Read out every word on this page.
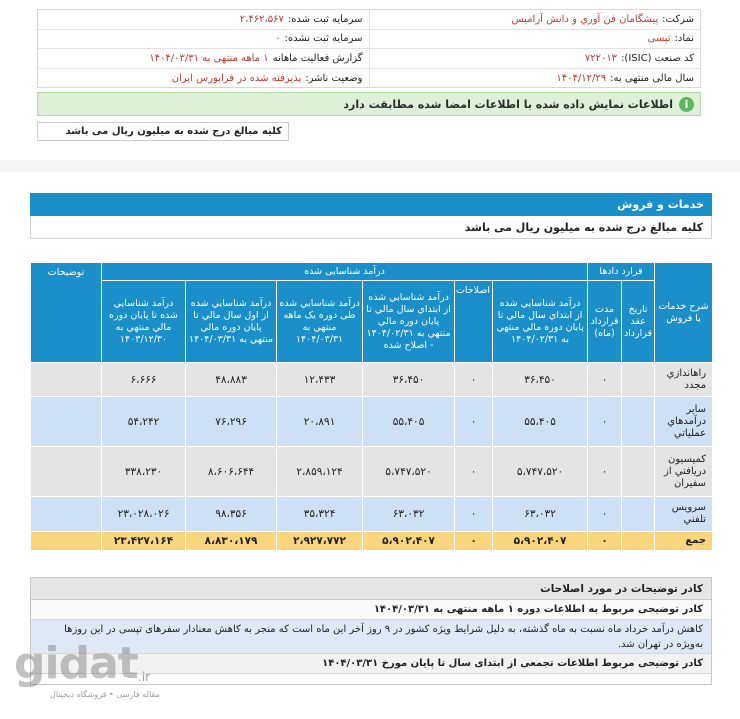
شرکت:
پیشگامان فن آوري و دانش آرامیس
سرمایه ثبت شده:
۲،۴۶۲،۵۶۷
نماد:
تپسی
سرمایه ثبت نشده:
۰
کد صنعت (ISIC):
۷۲۲۰۱۳
گزارش فعالیت ماهانه
۱ ماهه منتهی به ۱۴۰۴/۰۳/۳۱
سال مالی منتهی به:
۱۴۰۴/۱۲/۲۹
وضعیت ناشر:
پذیرفته شده در فرابورس ایران
i
اطلاعات نمایش داده شده با اطلاعات امضا شده مطابقت دارد
کلیه مبالغ درج شده به میلیون ریال می باشد
خدمات و فروش
کلیه مبالغ درج شده به میلیون ریال می باشد
شرح خدمات یا فروش	قرارد دادها		درآمد شناسایی شده						توضیحات
	تاریخ عقد قرارداد	مدت قرارداد (ماه)	درآمد شناسایي شده از ابتداي سال مالي تا پايان دوره مالي منتهي به ۱۴۰۴/۰۲/۳۱	اصلاحات	درآمد شناسايي شده از ابتداي سال مالي تا پايان دوره مالي منتهي به ۱۴۰۴/۰۲/۳۱ - اصلاح شده	درآمد شناسایي شده طی دوره یک ماهه منتهي به ۱۴۰۴/۰۳/۳۱	درآمد شناسایي شده از اول سال مالي تا پایان دوره مالي منتهي به ۱۴۰۴/۰۳/۳۱	درآمد شناسایي شده تا پایان دوره مالي منتهي به ۱۴۰۳/۱۲/۳۰	
راهاندازي مجدد		۰	۳۶،۴۵۰	۰	۳۶،۴۵۰	۱۲،۴۳۳	۴۸،۸۸۳	۶،۶۶۶	
ساير درآمدهاي عملياتي		۰	۵۵،۴۰۵	۰	۵۵،۴۰۵	۲۰،۸۹۱	۷۶،۲۹۶	۵۴،۲۴۲	
کمیسیون دریافتي از سفیران		۰	۵،۷۴۷،۵۲۰	۰	۵،۷۴۷،۵۲۰	۲،۸۵۹،۱۲۴	۸،۶۰۶،۶۴۴	۳۳۸،۲۳۰	
سرویس تلفني		۰	۶۳،۰۳۲	۰	۶۳،۰۳۲	۳۵،۳۲۴	۹۸،۳۵۶	۲۳،۰۲۸،۰۲۶	
جمع		۰	۵،۹۰۲،۴۰۷	۰	۵،۹۰۲،۴۰۷	۲،۹۲۷،۷۷۲	۸،۸۳۰،۱۷۹	۲۳،۴۲۷،۱۶۴	
کادر توضیحات در مورد اصلاحات
کادر توضیحی مربوط به اطلاعات دوره ۱ ماهه منتهی به ۱۴۰۴/۰۳/۳۱
کاهش درآمد خرداد ماه نسبت به ماه گذشته، به دلیل شرایط ویژه کشور در ۹ روز آخر این ماه است که منجر به کاهش معنادار سفرهای تپسی در این روزها به‌ویژه در تهران شد.
کادر توضیحی مربوط اطلاعات تجمعی از ابتدای سال تا پایان مورخ ۱۴۰۴/۰۳/۳۱
gidat .ir
مقاله فارسی • فروشگاه دیجیتال
